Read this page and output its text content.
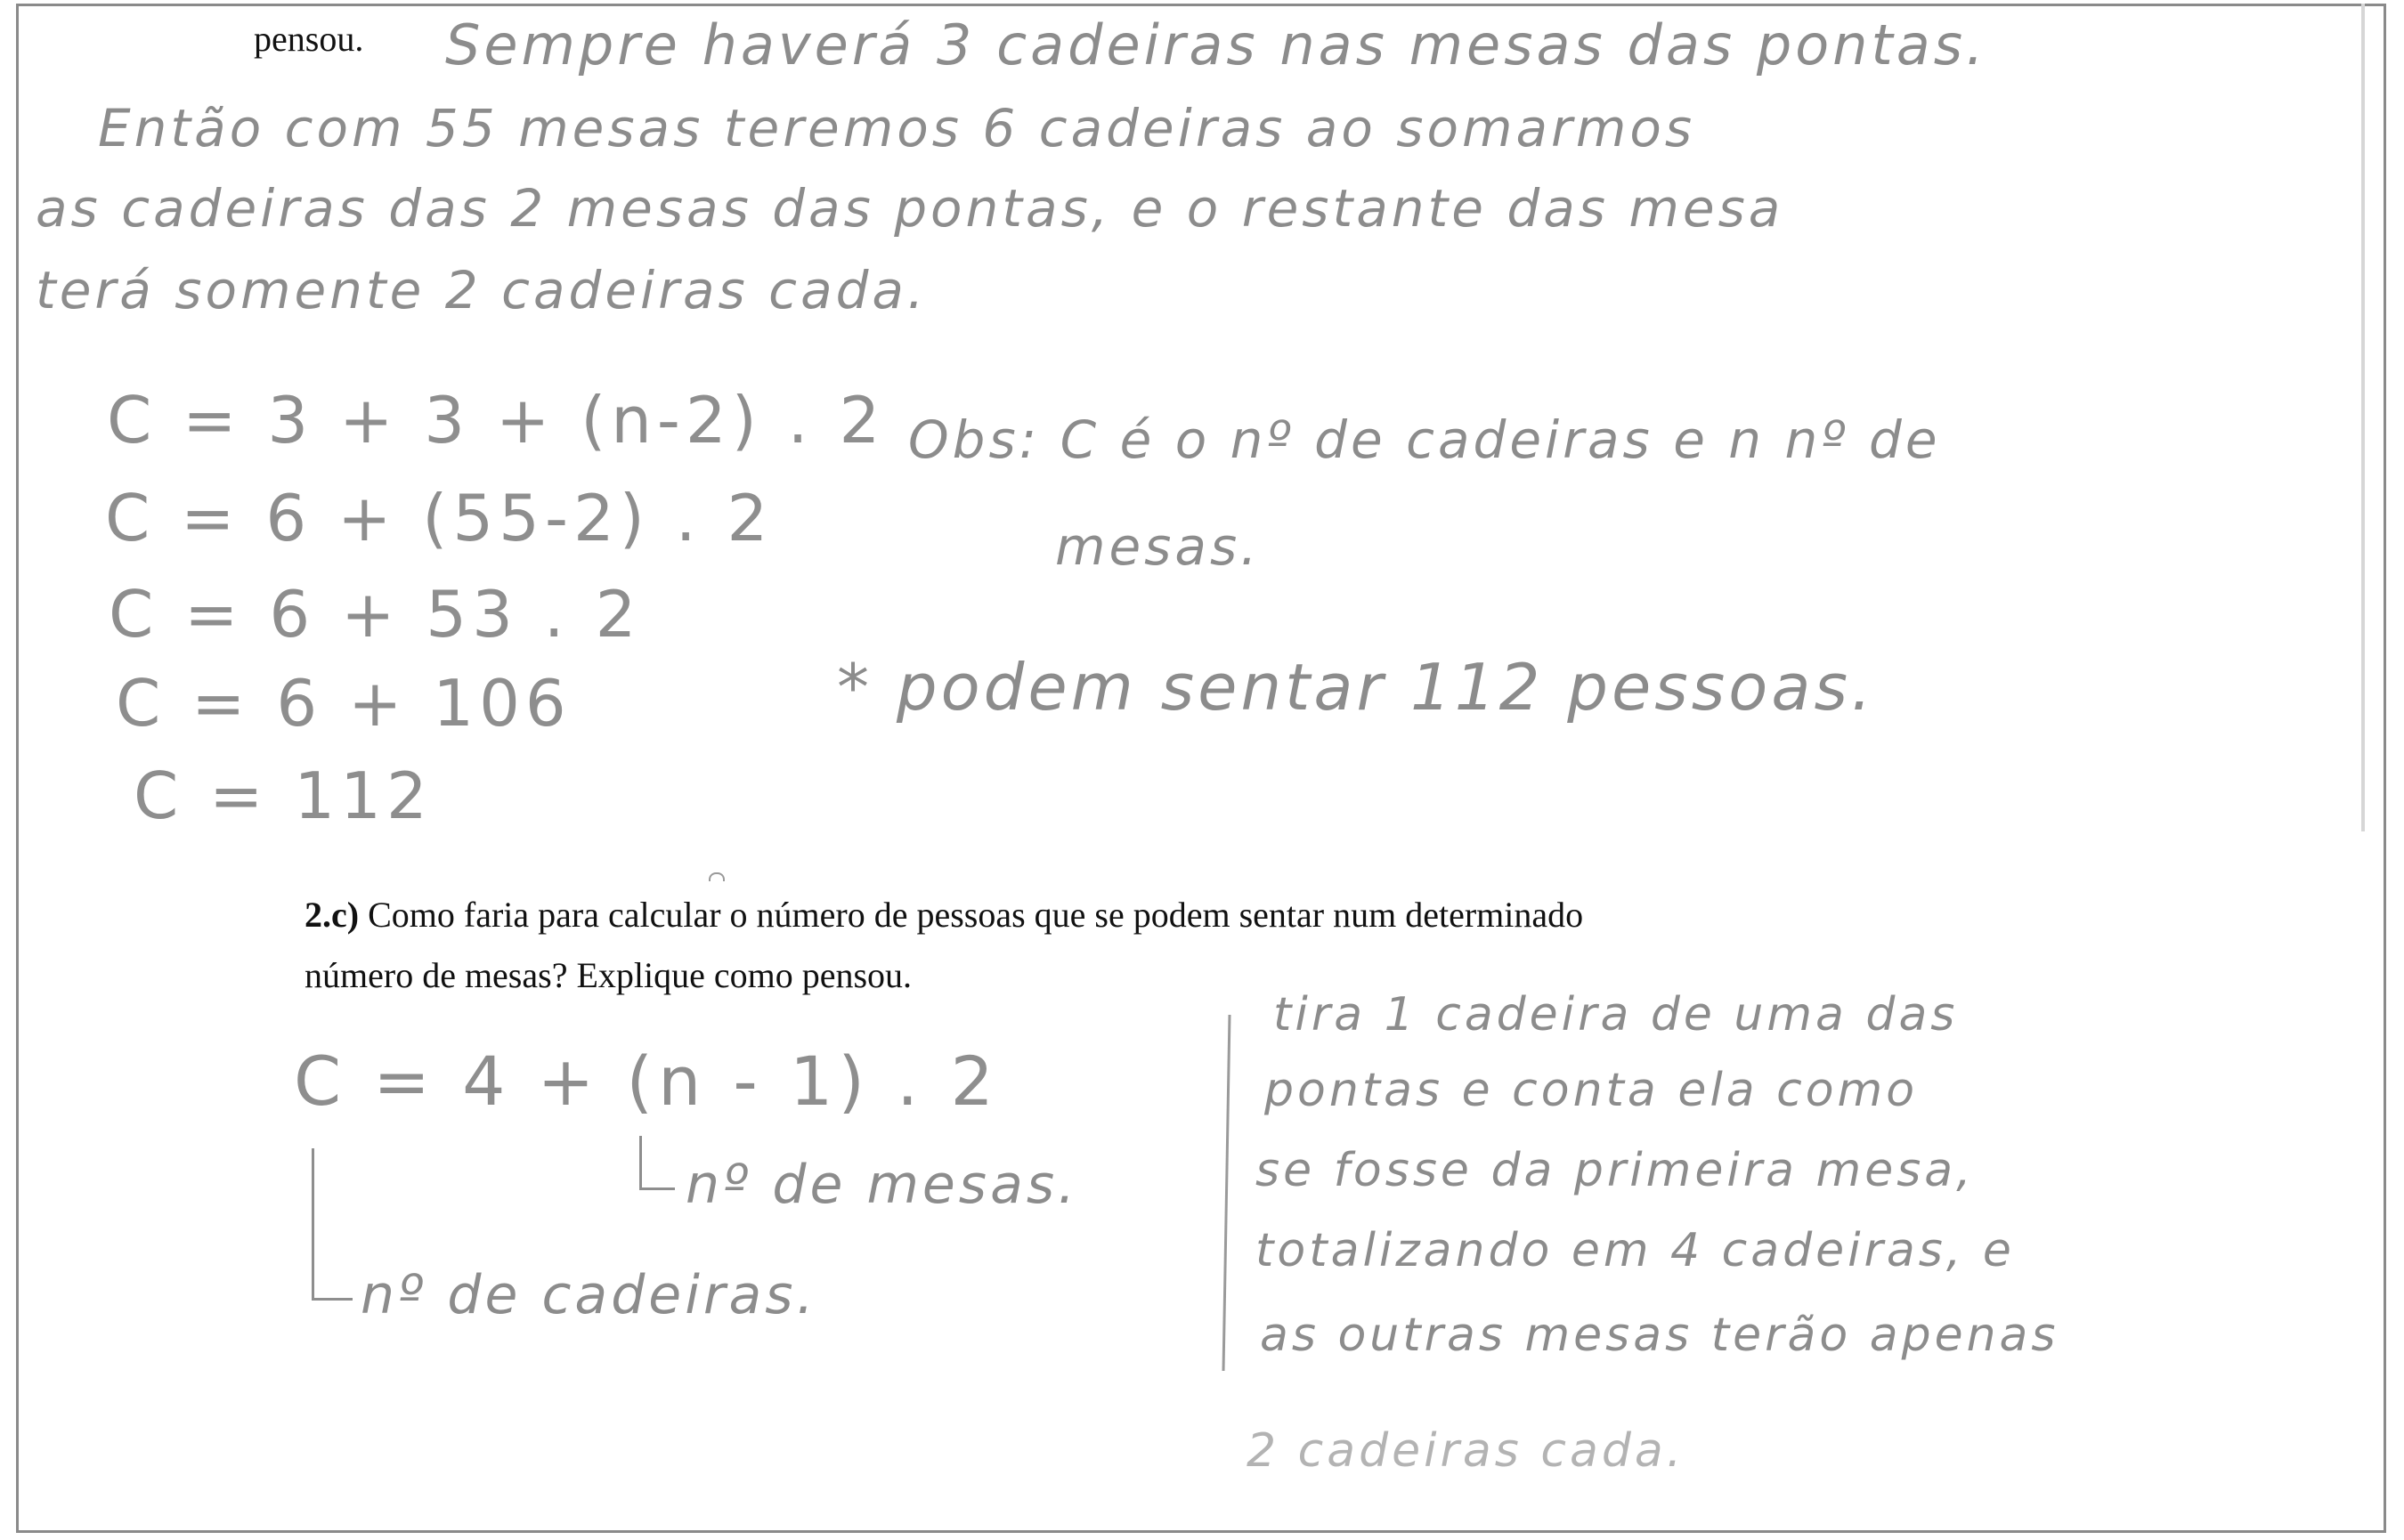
pensou. Sempre haverá 3 cadeiras nas mesas das pontas.
Então com 55 mesas teremos 6 cadeiras ao somarmos
as cadeiras das 2 mesas das pontas, e o restante das mesa
terá somente 2 cadeiras cada.
C = 3 + 3 + (n-2) . 2
C = 6 + (55-2) . 2
C = 6 + 53 . 2
C = 6 + 106
C = 112
Obs: C é o nº de cadeiras e n nº de
mesas.
* podem sentar 112 pessoas.
2.c) Como faria para calcular o número de pessoas que se podem sentar num determinado
número de mesas? Explique como pensou.
C = 4 + (n - 1) . 2
nº de mesas.
nº de cadeiras.
tira 1 cadeira de uma das
pontas e conta ela como
se fosse da primeira mesa,
totalizando em 4 cadeiras, e
as outras mesas terão apenas
2 cadeiras cada.
